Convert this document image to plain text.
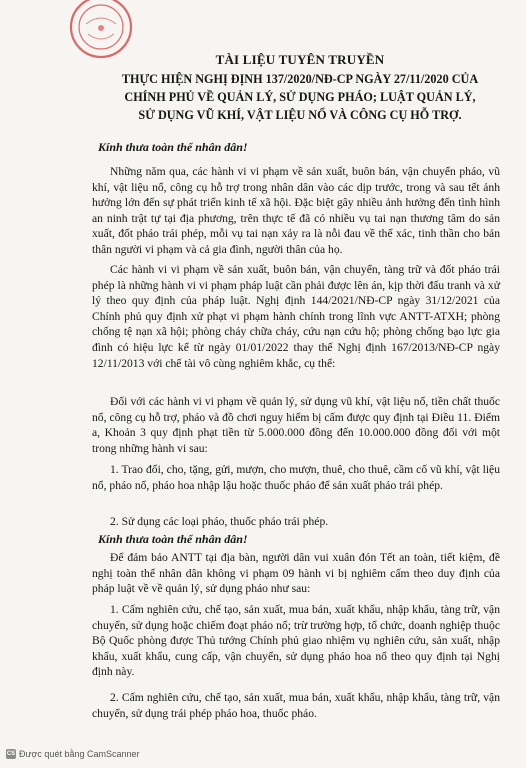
TÀI LIỆU TUYÊN TRUYỀN
THỰC HIỆN NGHỊ ĐỊNH 137/2020/NĐ-CP NGÀY 27/11/2020 CỦA CHÍNH PHỦ VỀ QUẢN LÝ, SỬ DỤNG PHÁO; LUẬT QUẢN LÝ, SỬ DỤNG VŨ KHÍ, VẬT LIỆU NỔ VÀ CÔNG CỤ HỖ TRỢ.
Kính thưa toàn thể nhân dân!

Những năm qua, các hành vi vi phạm về sản xuất, buôn bán, vận chuyển pháo, vũ khí, vật liệu nổ, công cụ hỗ trợ trong nhân dân vào các dịp trước, trong và sau tết ảnh hưởng lớn đến sự phát triển kinh tế xã hội. Đặc biệt gây nhiều ảnh hưởng đến tình hình an ninh trật tự tại địa phương, trên thực tế đã có nhiều vụ tai nạn thương tâm do sản xuất, đốt pháo trái phép, mỗi vụ tai nạn xảy ra là nỗi đau về thể xác, tinh thần cho bản thân người vi phạm và cả gia đình, người thân của họ.

Các hành vi vi phạm về sản xuất, buôn bán, vận chuyển, tàng trữ và đốt pháo trái phép là những hành vi vi phạm pháp luật cần phải được lên án, kịp thời đấu tranh và xử lý theo quy định của pháp luật. Nghị định 144/2021/NĐ-CP ngày 31/12/2021 của Chính phủ quy định xử phạt vi phạm hành chính trong lĩnh vực ANTT-ATXH; phòng chống tệ nạn xã hội; phòng cháy chữa cháy, cứu nạn cứu hộ; phòng chống bạo lực gia đình có hiệu lực kể từ ngày 01/01/2022 thay thế Nghị định 167/2013/NĐ-CP ngày 12/11/2013 với chế tài vô cùng nghiêm khắc, cụ thể:

Đối với các hành vi vi phạm về quản lý, sử dụng vũ khí, vật liệu nổ, tiền chất thuốc nổ, công cụ hỗ trợ, pháo và đồ chơi nguy hiểm bị cấm được quy định tại Điều 11. Điểm a, Khoản 3 quy định phạt tiền từ 5.000.000 đồng đến 10.000.000 đồng đối với một trong những hành vi sau:

1. Trao đổi, cho, tặng, gửi, mượn, cho mượn, thuê, cho thuê, cầm cố vũ khí, vật liệu nổ, pháo nổ, pháo hoa nhập lậu hoặc thuốc pháo để sản xuất pháo trái phép.

2. Sử dụng các loại pháo, thuốc pháo trái phép.

Kính thưa toàn thể nhân dân!

Để đảm bảo ANTT tại địa bàn, người dân vui xuân đón Tết an toàn, tiết kiệm, đề nghị toàn thể nhân dân không vi phạm 09 hành vi bị nghiêm cấm theo duy định của pháp luật về về quản lý, sử dụng pháo như sau:

1. Cấm nghiên cứu, chế tạo, sản xuất, mua bán, xuất khẩu, nhập khẩu, tàng trữ, vận chuyển, sử dụng hoặc chiếm đoạt pháo nổ; trừ trường hợp, tổ chức, doanh nghiệp thuộc Bộ Quốc phòng được Thủ tướng Chính phủ giao nhiệm vụ nghiên cứu, sản xuất, nhập khẩu, xuất khẩu, cung cấp, vận chuyển, sử dụng pháo hoa nổ theo quy định tại Nghị định này.

2. Cấm nghiên cứu, chế tạo, sản xuất, mua bán, xuất khẩu, nhập khẩu, tàng trữ, vận chuyển, sử dụng trái phép pháo hoa, thuốc pháo.

CS Được quét bằng CamScanner
